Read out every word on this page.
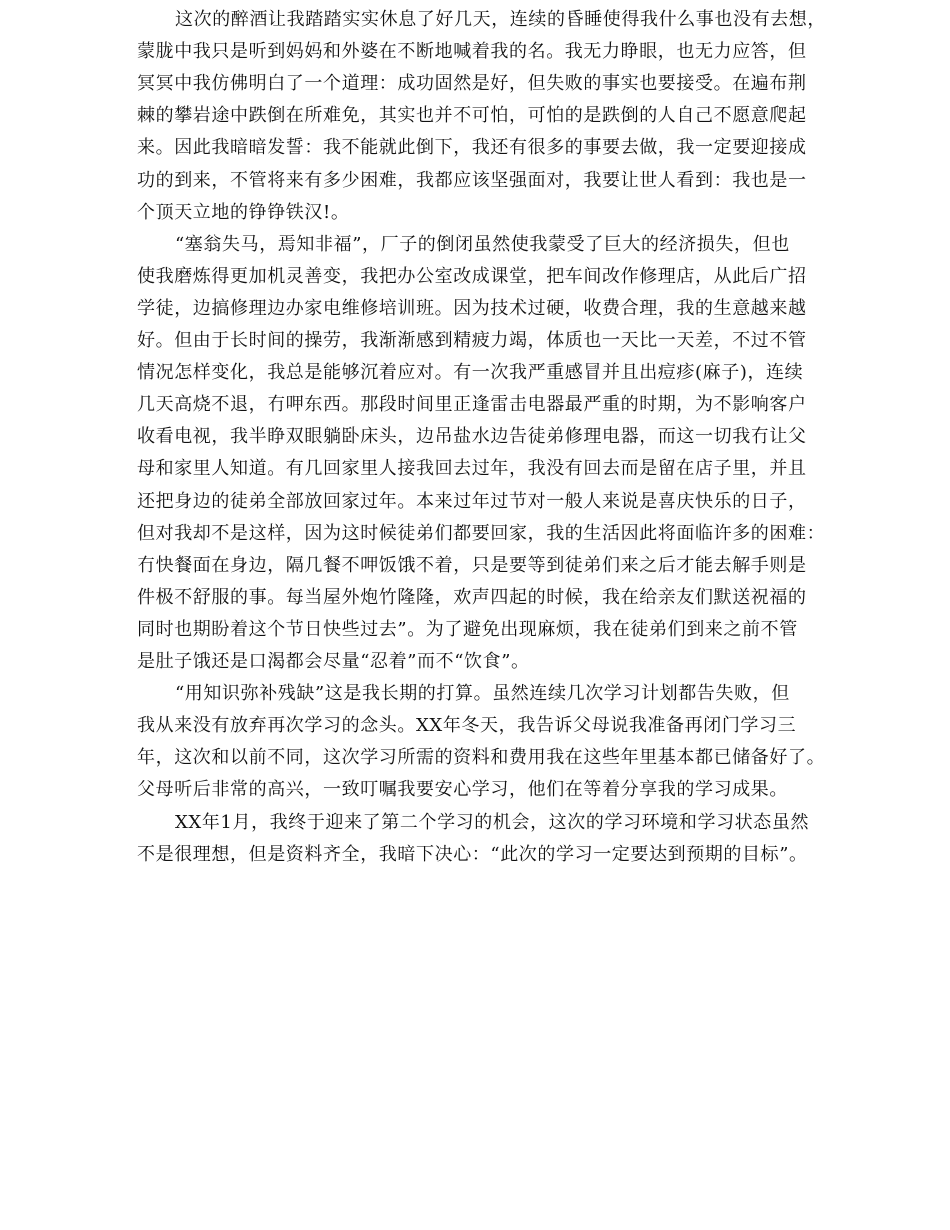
这次的醉酒让我踏踏实实休息了好几天，连续的昏睡使得我什么事也没有去想，
蒙胧中我只是听到妈妈和外婆在不断地喊着我的名。我无力睁眼，也无力应答，但
冥冥中我仿佛明白了一个道理：成功固然是好，但失败的事实也要接受。在遍布荆
棘的攀岩途中跌倒在所难免，其实也并不可怕，可怕的是跌倒的人自己不愿意爬起
来。因此我暗暗发誓：我不能就此倒下，我还有很多的事要去做，我一定要迎接成
功的到来，不管将来有多少困难，我都应该坚强面对，我要让世人看到：我也是一
个顶天立地的铮铮铁汉!。
“塞翁失马，焉知非福”，厂子的倒闭虽然使我蒙受了巨大的经济损失，但也
使我磨炼得更加机灵善变，我把办公室改成课堂，把车间改作修理店，从此后广招
学徒，边搞修理边办家电维修培训班。因为技术过硬，收费合理，我的生意越来越
好。但由于长时间的操劳，我渐渐感到精疲力竭，体质也一天比一天差，不过不管
情况怎样变化，我总是能够沉着应对。有一次我严重感冒并且出痘疹(麻子)，连续
几天高烧不退，冇呷东西。那段时间里正逢雷击电器最严重的时期，为不影响客户
收看电视，我半睁双眼躺卧床头，边吊盐水边告徒弟修理电器，而这一切我冇让父
母和家里人知道。有几回家里人接我回去过年，我没有回去而是留在店子里，并且
还把身边的徒弟全部放回家过年。本来过年过节对一般人来说是喜庆快乐的日子，
但对我却不是这样，因为这时候徒弟们都要回家，我的生活因此将面临许多的困难：
冇快餐面在身边，隔几餐不呷饭饿不着，只是要等到徒弟们来之后才能去解手则是
件极不舒服的事。每当屋外炮竹隆隆，欢声四起的时候，我在给亲友们默送祝福的
同时也期盼着这个节日快些过去”。为了避免出现麻烦，我在徒弟们到来之前不管
是肚子饿还是口渴都会尽量“忍着”而不“饮食”。
“用知识弥补残缺”这是我长期的打算。虽然连续几次学习计划都告失败，但
我从来没有放弃再次学习的念头。XX年冬天，我告诉父母说我准备再闭门学习三
年，这次和以前不同，这次学习所需的资料和费用我在这些年里基本都已储备好了。
父母听后非常的高兴，一致叮嘱我要安心学习，他们在等着分享我的学习成果。
XX年1月，我终于迎来了第二个学习的机会，这次的学习环境和学习状态虽然
不是很理想，但是资料齐全，我暗下决心：“此次的学习一定要达到预期的目标”。
